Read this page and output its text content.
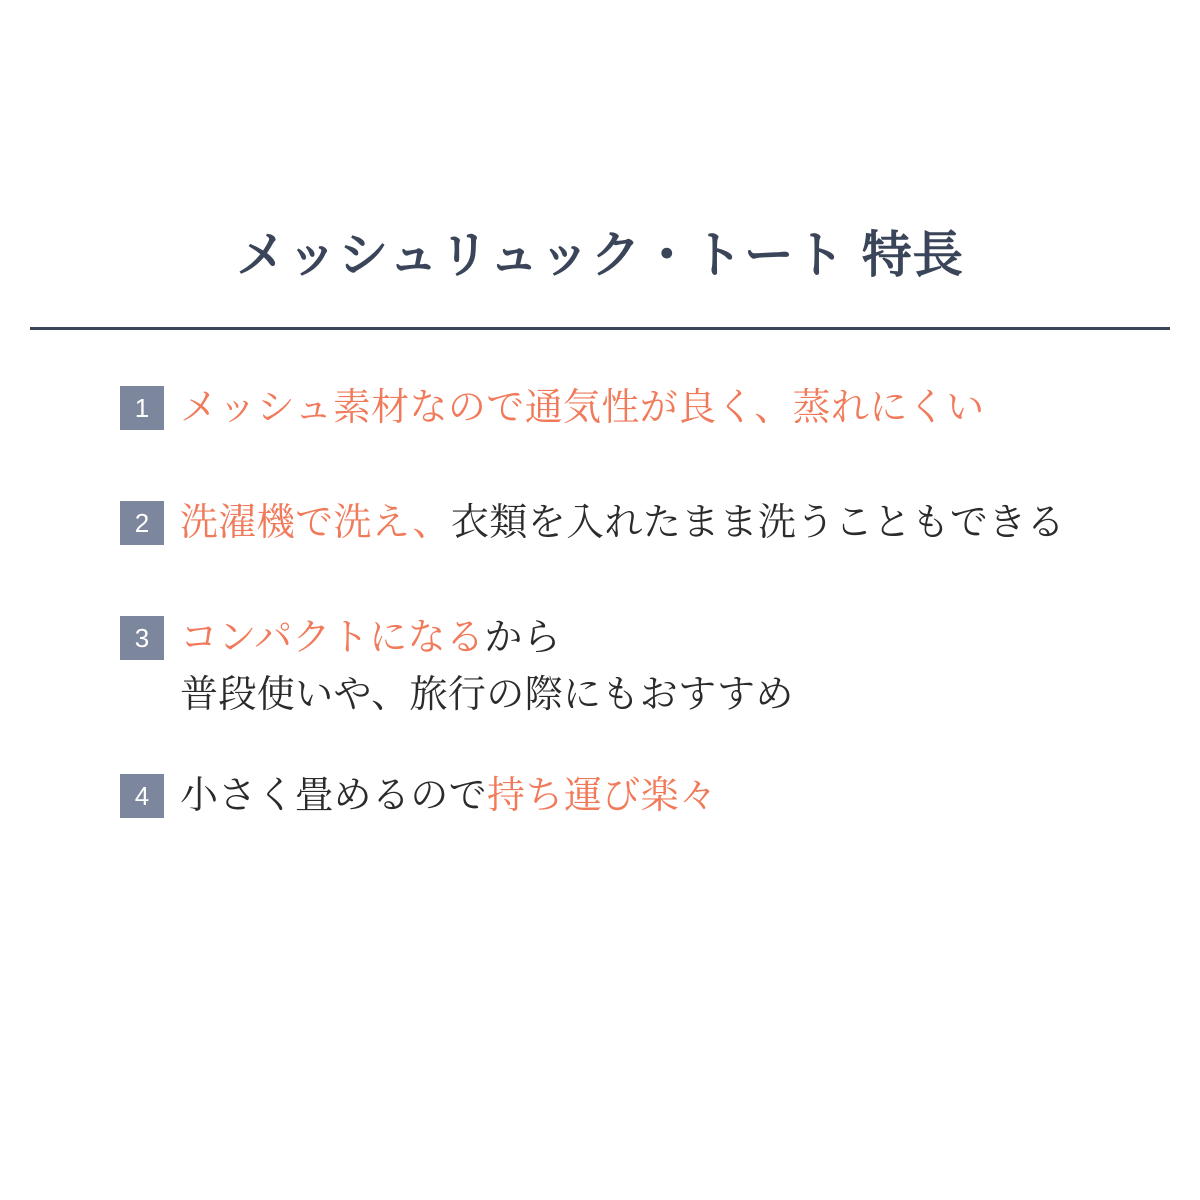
メッシュリュック・トート 特長
1 メッシュ素材なので通気性が良く、蒸れにくい
2 洗濯機で洗え、衣類を入れたまま洗うこともできる
3 コンパクトになるから
普段使いや、旅行の際にもおすすめ
4 小さく畳めるので持ち運び楽々
